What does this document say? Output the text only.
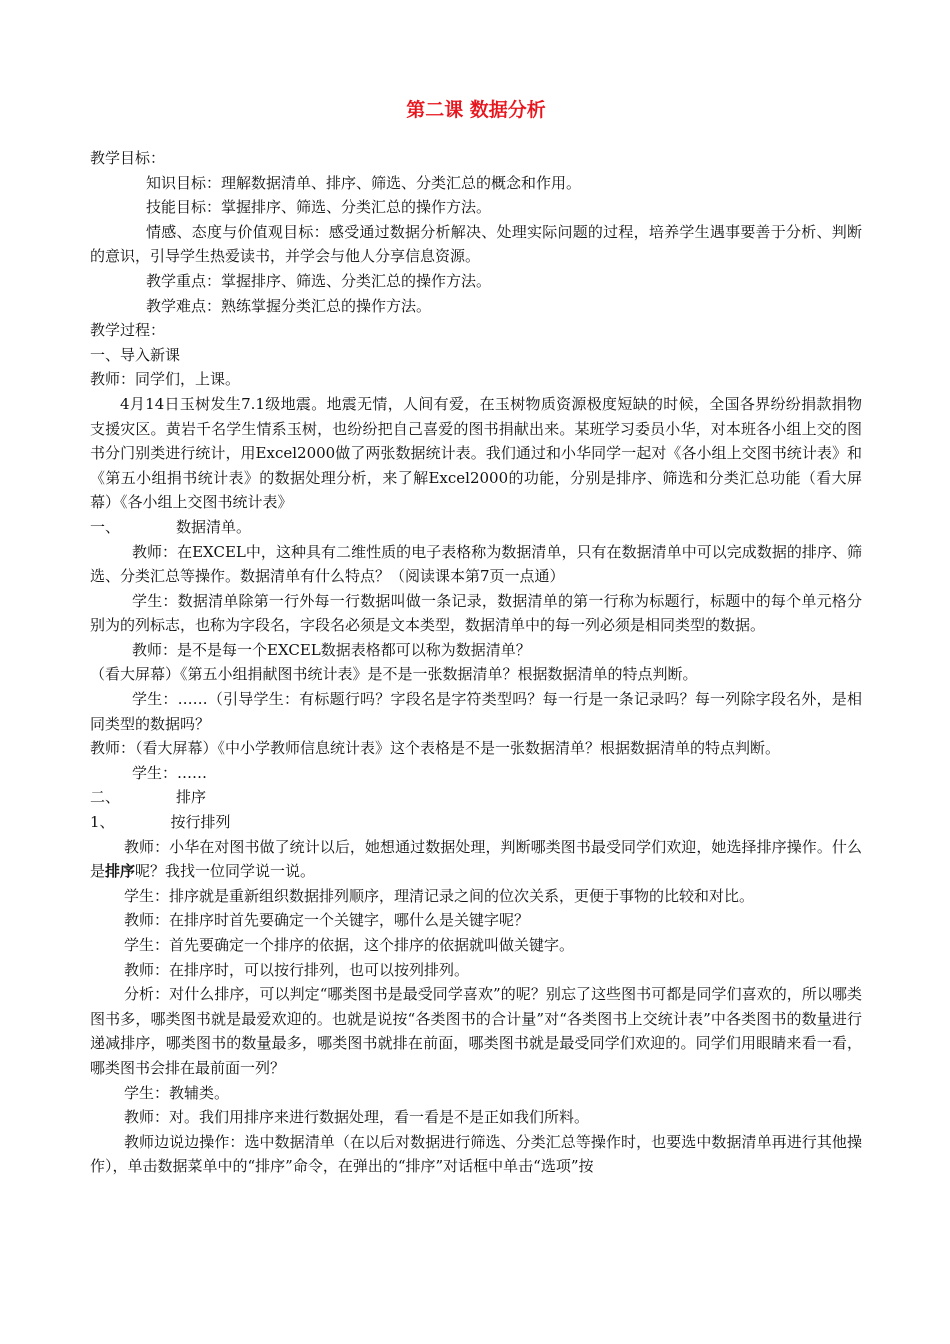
第二课 数据分析

教学目标：

知识目标：理解数据清单、排序、筛选、分类汇总的概念和作用。

技能目标：掌握排序、筛选、分类汇总的操作方法。

情感、态度与价值观目标：感受通过数据分析解决、处理实际问题的过程，培养学生遇事要善于分析、判断的意识，引导学生热爱读书，并学会与他人分享信息资源。

教学重点：掌握排序、筛选、分类汇总的操作方法。

教学难点：熟练掌握分类汇总的操作方法。

教学过程：

一、导入新课

教师：同学们，上课。

4月14日玉树发生7.1级地震。地震无情，人间有爱，在玉树物质资源极度短缺的时候，全国各界纷纷捐款捐物支援灾区。黄岩千名学生情系玉树，也纷纷把自己喜爱的图书捐献出来。某班学习委员小华，对本班各小组上交的图书分门别类进行统计，用Excel2000做了两张数据统计表。我们通过和小华同学一起对《各小组上交图书统计表》和《第五小组捐书统计表》的数据处理分析，来了解Excel2000的功能，分别是排序、筛选和分类汇总功能（看大屏幕）《各小组上交图书统计表》

一、	数据清单。

教师：在EXCEL中，这种具有二维性质的电子表格称为数据清单，只有在数据清单中可以完成数据的排序、筛选、分类汇总等操作。数据清单有什么特点？（阅读课本第7页一点通）

学生：数据清单除第一行外每一行数据叫做一条记录，数据清单的第一行称为标题行，标题中的每个单元格分别为的列标志，也称为字段名，字段名必须是文本类型，数据清单中的每一列必须是相同类型的数据。

教师：是不是每一个EXCEL数据表格都可以称为数据清单？

（看大屏幕）《第五小组捐献图书统计表》是不是一张数据清单？根据数据清单的特点判断。

学生：……（引导学生：有标题行吗？字段名是字符类型吗？每一行是一条记录吗？每一列除字段名外，是相同类型的数据吗？

教师：（看大屏幕）《中小学教师信息统计表》这个表格是不是一张数据清单？根据数据清单的特点判断。

学生：……

二、	排序

1、	按行排列

教师：小华在对图书做了统计以后，她想通过数据处理，判断哪类图书最受同学们欢迎，她选择排序操作。什么是排序呢？我找一位同学说一说。

学生：排序就是重新组织数据排列顺序，理清记录之间的位次关系，更便于事物的比较和对比。

教师：在排序时首先要确定一个关键字，哪什么是关键字呢？

学生：首先要确定一个排序的依据，这个排序的依据就叫做关键字。

教师：在排序时，可以按行排列，也可以按列排列。

分析：对什么排序，可以判定“哪类图书是最受同学喜欢”的呢？别忘了这些图书可都是同学们喜欢的，所以哪类图书多，哪类图书就是最爱欢迎的。也就是说按“各类图书的合计量”对“各类图书上交统计表”中各类图书的数量进行递减排序，哪类图书的数量最多，哪类图书就排在前面，哪类图书就是最受同学们欢迎的。同学们用眼睛来看一看，哪类图书会排在最前面一列？

学生：教辅类。

教师：对。我们用排序来进行数据处理，看一看是不是正如我们所料。

教师边说边操作：选中数据清单（在以后对数据进行筛选、分类汇总等操作时，也要选中数据清单再进行其他操作），单击数据菜单中的“排序”命令，在弹出的“排序”对话框中单击“选项”按
